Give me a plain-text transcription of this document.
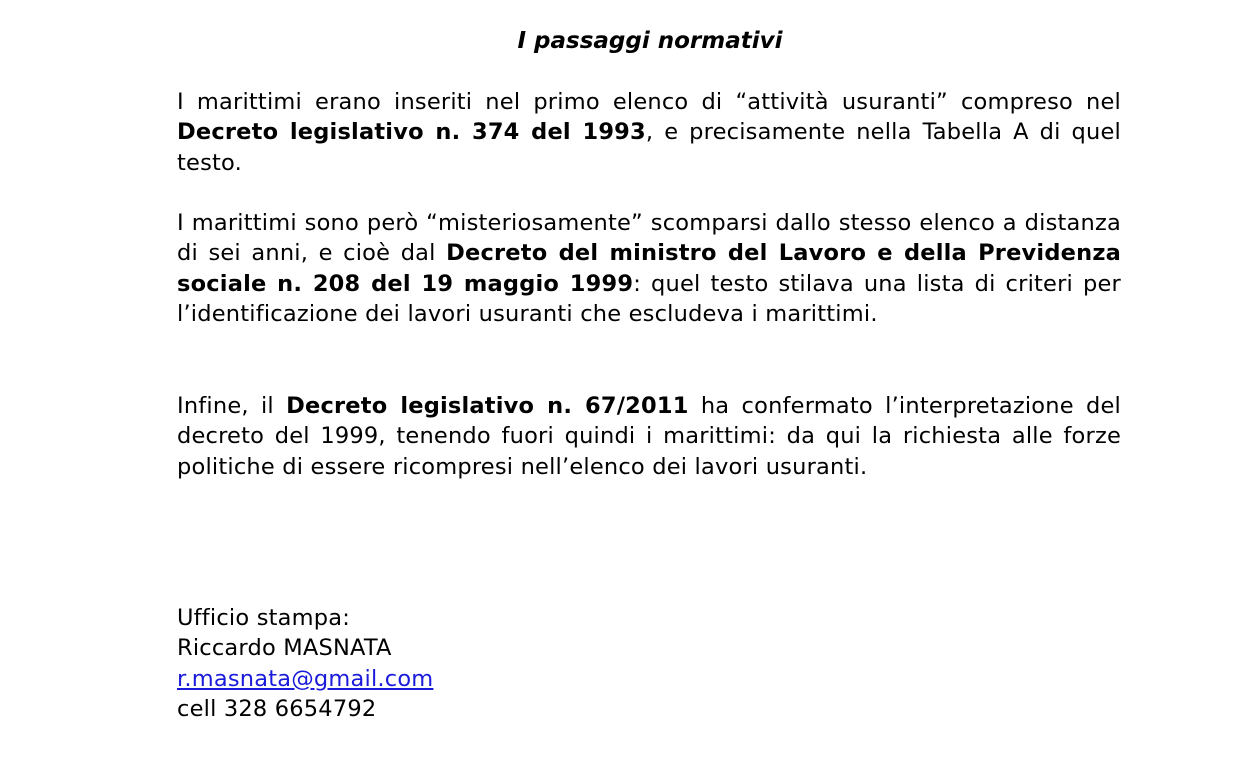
I passaggi normativi

I marittimi erano inseriti nel primo elenco di “attività usuranti” compreso nel Decreto legislativo n. 374 del 1993, e precisamente nella Tabella A di quel testo.

I marittimi sono però “misteriosamente” scomparsi dallo stesso elenco a distanza di sei anni, e cioè dal Decreto del ministro del Lavoro e della Previdenza sociale n. 208 del 19 maggio 1999: quel testo stilava una lista di criteri per l’identificazione dei lavori usuranti che escludeva i marittimi.

Infine, il Decreto legislativo n. 67/2011 ha confermato l’interpretazione del decreto del 1999, tenendo fuori quindi i marittimi: da qui la richiesta alle forze politiche di essere ricompresi nell’elenco dei lavori usuranti.

Ufficio stampa:
Riccardo MASNATA
r.masnata@gmail.com
cell 328 6654792
